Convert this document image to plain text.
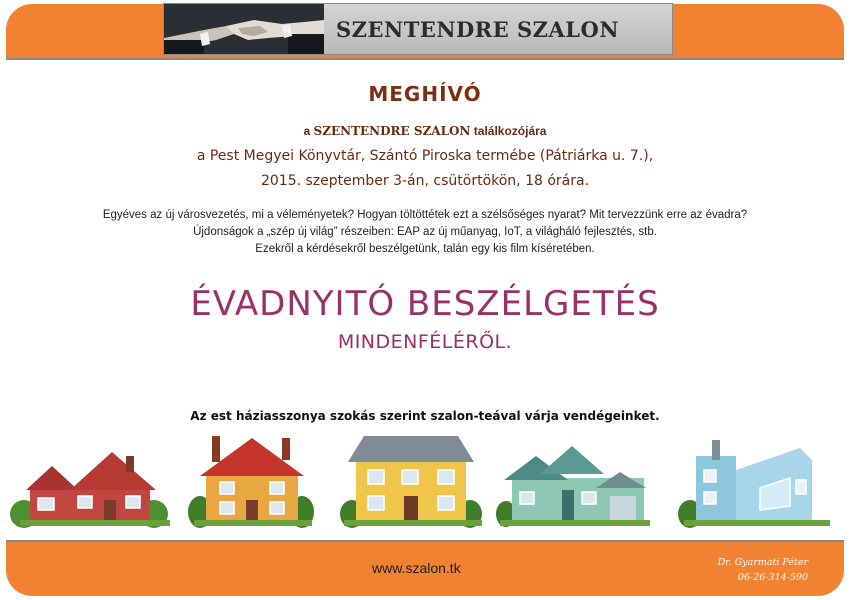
SZENTENDRE SZALON
MEGHÍVÓ
a SZENTENDRE SZALON találkozójára
a Pest Megyei Könyvtár, Szántó Piroska termébe (Pátriárka u. 7.),
2015. szeptember 3-án, csütörtökön, 18 órára.
Egyéves az új városvezetés, mi a véleményetek? Hogyan töltöttétek ezt a szélsőséges nyarat? Mit tervezzünk erre az évadra?
Újdonságok a „szép új világ” részeiben: EAP az új műanyag, IoT, a világháló fejlesztés, stb.
Ezekről a kérdésekről beszélgetünk, talán egy kis film kíséretében.
ÉVADNYITÓ BESZÉLGETÉS
MINDENFÉLÉRŐL.
Az est háziasszonya szokás szerint szalon-teával várja vendégeinket.
www.szalon.tk	Dr. Gyarmati Péter
06-26-314-590
